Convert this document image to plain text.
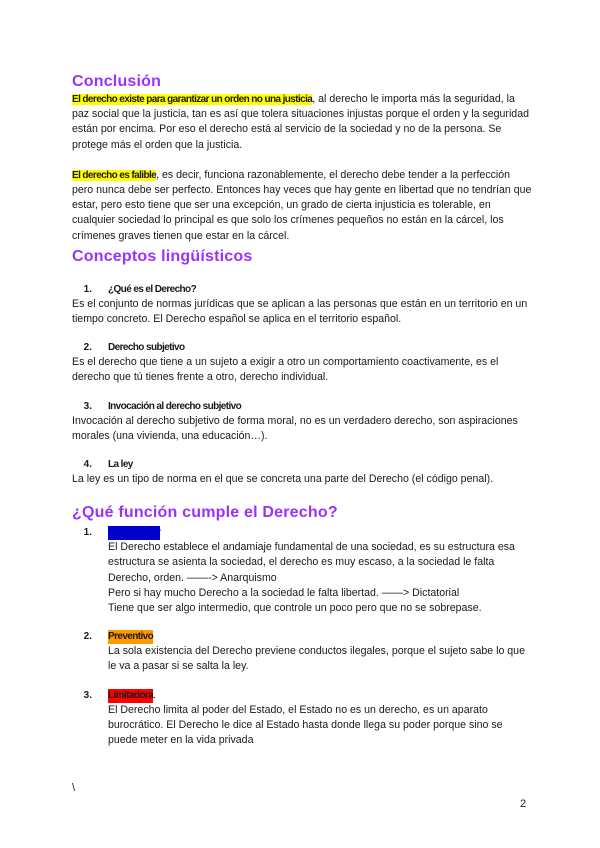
Conclusión

El derecho existe para garantizar un orden no una justicia, al derecho le importa más la seguridad, la paz social que la justicia, tan es así que tolera situaciones injustas porque el orden y la seguridad están por encima. Por eso el derecho está al servicio de la sociedad y no de la persona. Se protege más el orden que la justicia.

El derecho es falible, es decir, funciona razonablemente, el derecho debe tender a la perfección pero nunca debe ser perfecto. Entonces hay veces que hay gente en libertad que no tendrían que estar, pero esto tiene que ser una excepción, un grado de cierta injusticia es tolerable, en cualquier sociedad lo principal es que solo los crímenes pequeños no están en la cárcel, los crímenes graves tienen que estar en la cárcel.

Conceptos lingüísticos
1. ¿Qué es el Derecho?

Es el conjunto de normas jurídicas que se aplican a las personas que están en un territorio en un tiempo concreto. El Derecho español se aplica en el territorio español.

2. Derecho subjetivo

Es el derecho que tiene a un sujeto a exigir a otro un comportamiento coactivamente, es el derecho que tú tienes frente a otro, derecho individual.

3. Invocación al derecho subjetivo

Invocación al derecho subjetivo de forma moral, no es un verdadero derecho, son aspiraciones morales (una vivienda, una educación…).

4. La ley

La ley es un tipo de norma en el que se concreta una parte del Derecho (el código penal).

¿Qué función cumple el Derecho?
1. Organizador

El Derecho establece el andamiaje fundamental de una sociedad, es su estructura esa estructura se asienta la sociedad, el derecho es muy escaso, a la sociedad le falta Derecho, orden. ——-> Anarquismo

Pero si hay mucho Derecho a la sociedad le falta libertad. ——> Dictatorial

Tiene que ser algo intermedio, que controle un poco pero que no se sobrepase.

2. Preventivo

La sola existencia del Derecho previene conductos ilegales, porque el sujeto sabe lo que le va a pasar si se salta la ley.

3. Limitadora .

El Derecho limita al poder del Estado, el Estado no es un derecho, es un aparato burocrático. El Derecho le dice al Estado hasta donde llega su poder porque sino se puede meter en la vida privada

\
2
